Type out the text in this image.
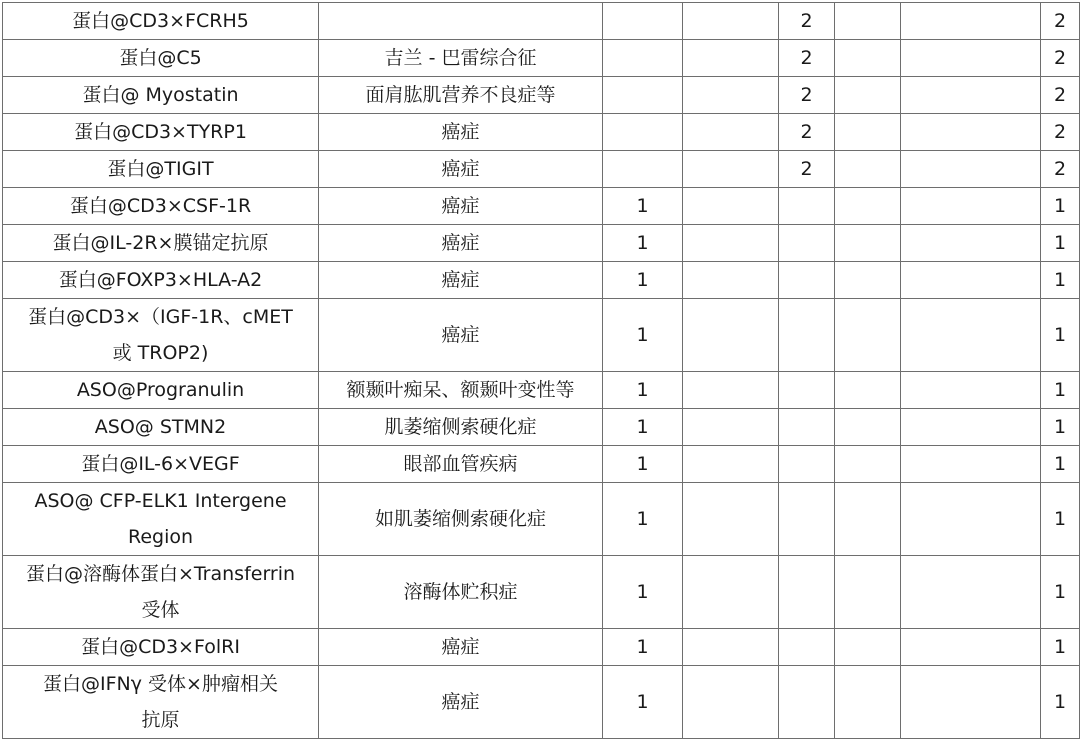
蛋白@CD3×FCRH5				2			2

蛋白@C5	吉兰 - 巴雷综合征			2			2

蛋白@ Myostatin	面肩肱肌营养不良症等			2			2

蛋白@CD3×TYRP1	癌症			2			2

蛋白@TIGIT	癌症			2			2

蛋白@CD3×CSF-1R	癌症	1					1

蛋白@IL-2R×膜锚定抗原	癌症	1					1

蛋白@FOXP3×HLA-A2	癌症	1					1

蛋白@CD3×（IGF-1R、cMET
或 TROP2)	癌症	1					1

ASO@Progranulin	额颞叶痴呆、额颞叶变性等	1					1

ASO@ STMN2	肌萎缩侧索硬化症	1					1

蛋白@IL-6×VEGF	眼部血管疾病	1					1

ASO@ CFP-ELK1 Intergene
Region	如肌萎缩侧索硬化症	1					1

蛋白@溶酶体蛋白×Transferrin
受体	溶酶体贮积症	1					1

蛋白@CD3×FolRI	癌症	1					1

蛋白@IFNγ 受体×肿瘤相关
抗原	癌症	1					1
